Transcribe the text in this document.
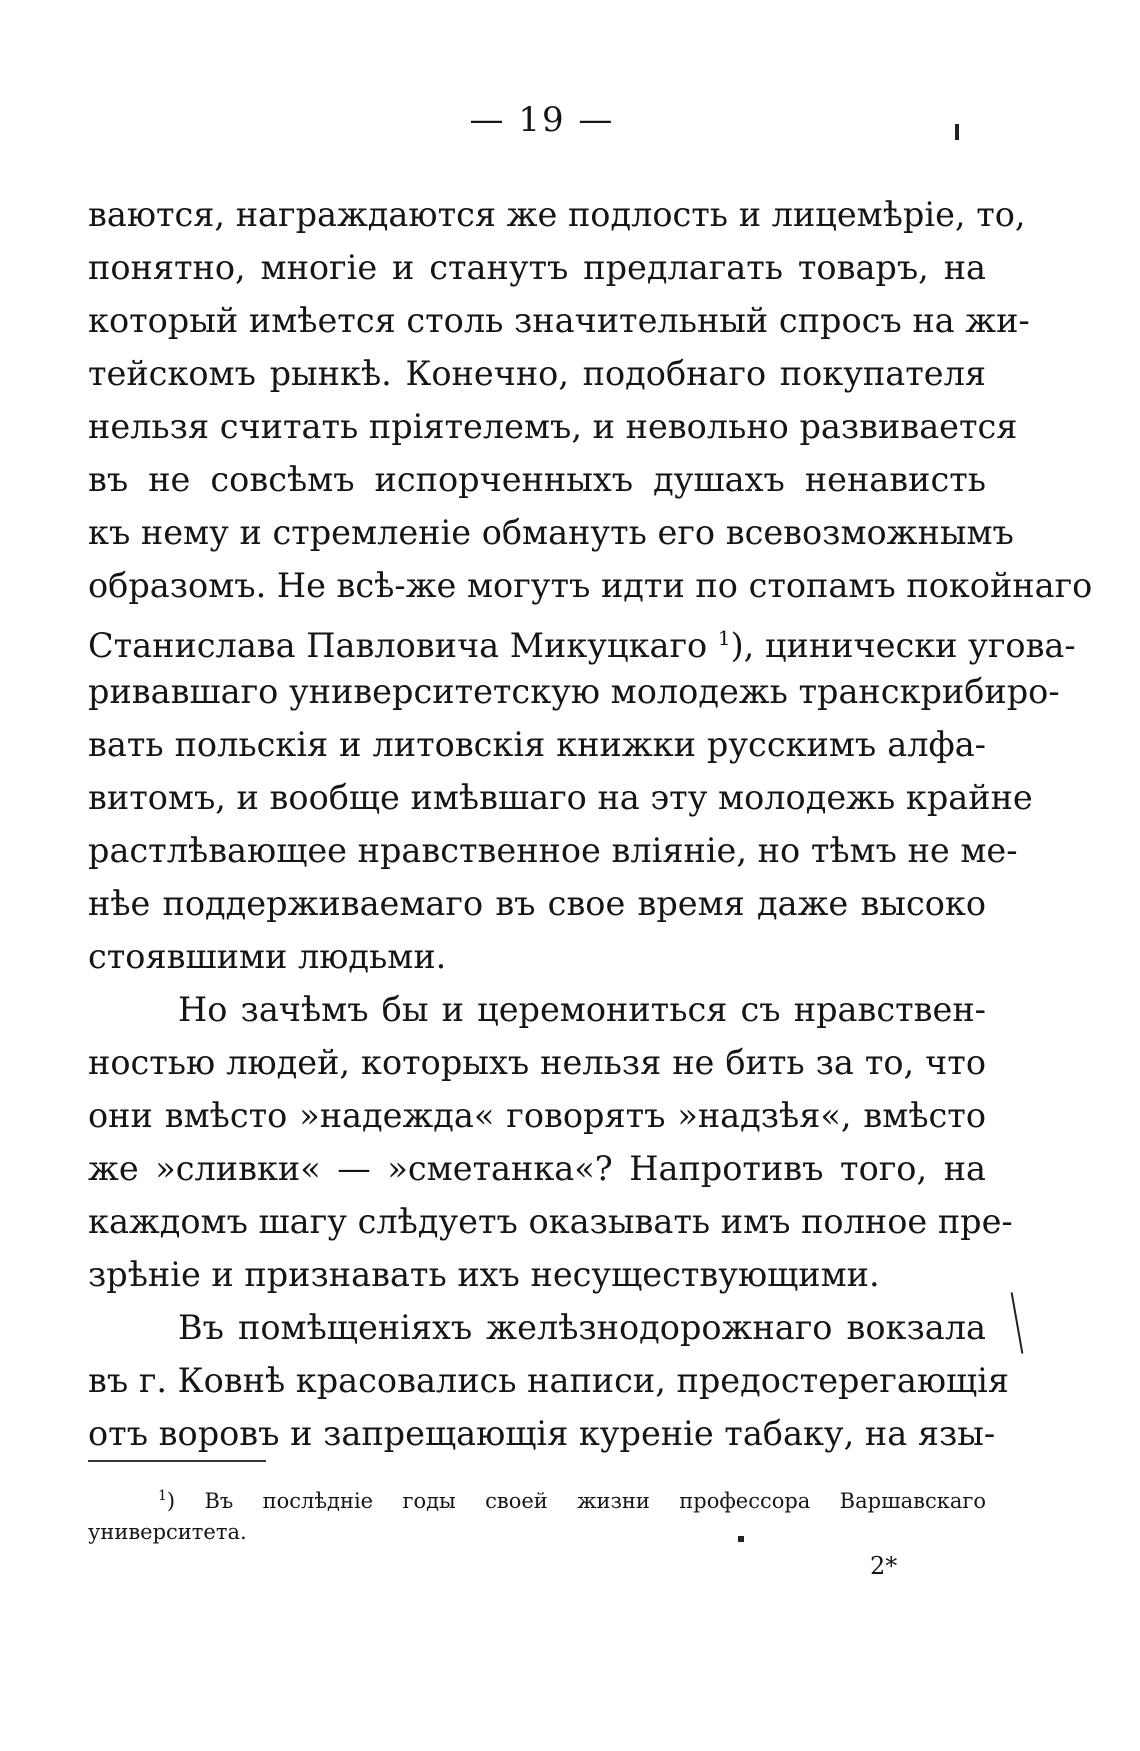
— 19 —
ваются, награждаются же подлость и лицемѣріе, то,
понятно, многіе и станутъ предлагать товаръ, на
который имѣется столь значительный спросъ на жи-
тейскомъ рынкѣ. Конечно, подобнаго покупателя
нельзя считать пріятелемъ, и невольно развивается
въ не совсѣмъ испорченныхъ душахъ ненависть
къ нему и стремленіе обмануть его всевозможнымъ
образомъ. Не всѣ-же могутъ идти по стопамъ покойнаго
Станислава Павловича Микуцкаго $^1$), цинически угова-
ривавшаго университетскую молодежь транскрибиро-
вать польскія и литовскія книжки русскимъ алфа-
витомъ, и вообще имѣвшаго на эту молодежь крайне
растлѣвающее нравственное вліяніе, но тѣмъ не ме-
нѣе поддерживаемаго въ свое время даже высоко
стоявшими людьми.
Но зачѣмъ бы и церемониться съ нравствен-
ностью людей, которыхъ нельзя не бить за то, что
они вмѣсто »надежда« говорятъ »надзѣя«, вмѣсто
же »сливки« — »сметанка«? Напротивъ того, на
каждомъ шагу слѣдуетъ оказывать имъ полное пре-
зрѣніе и признавать ихъ несуществующими.
Въ помѣщеніяхъ желѣзнодорожнаго вокзала
въ г. Ковнѣ красовались написи, предостерегающія
отъ воровъ и запрещающія куреніе табаку, на язы-
$^1$) Въ послѣдніе годы своей жизни профессора Варшавскаго
университета.
2*
